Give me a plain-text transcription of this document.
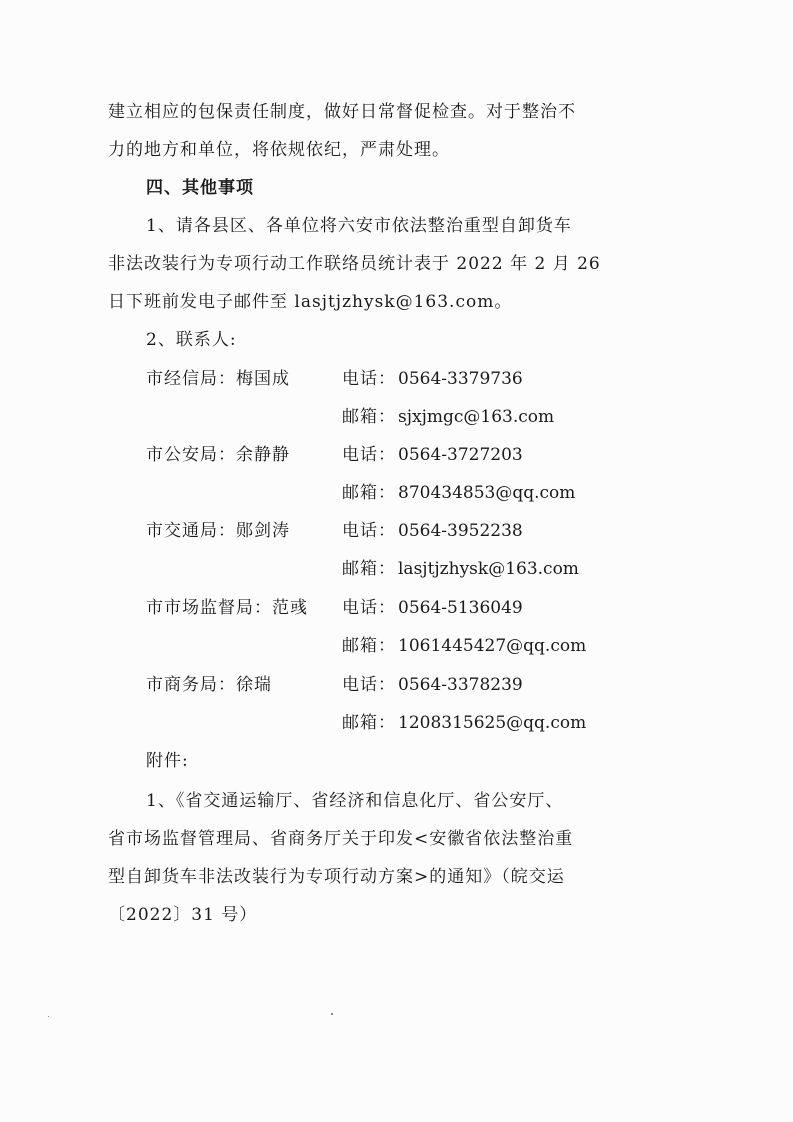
建立相应的包保责任制度，做好日常督促检查。对于整治不
力的地方和单位，将依规依纪，严肃处理。
四、其他事项
1、请各县区、各单位将六安市依法整治重型自卸货车
非法改装行为专项行动工作联络员统计表于 2022 年 2 月 26
日下班前发电子邮件至 lasjtjzhysk@163.com。
2、联系人:
市经信局：梅国成	电话： 0564-3379736
邮箱： sjxjmgc@163.com
市公安局：余静静	电话： 0564-3727203
邮箱： 870434853@qq.com
市交通局：郧剑涛	电话： 0564-3952238
邮箱： lasjtjzhysk@163.com
市市场监督局：范彧 电话： 0564-5136049
邮箱： 1061445427@qq.com
市商务局：徐瑞	电话： 0564-3378239
邮箱： 1208315625@qq.com
附件:
1、《省交通运输厅、省经济和信息化厅、省公安厅、
省市场监督管理局、省商务厅关于印发<安徽省依法整治重
型自卸货车非法改装行为专项行动方案>的通知》（皖交运
〔2022〕31 号）
